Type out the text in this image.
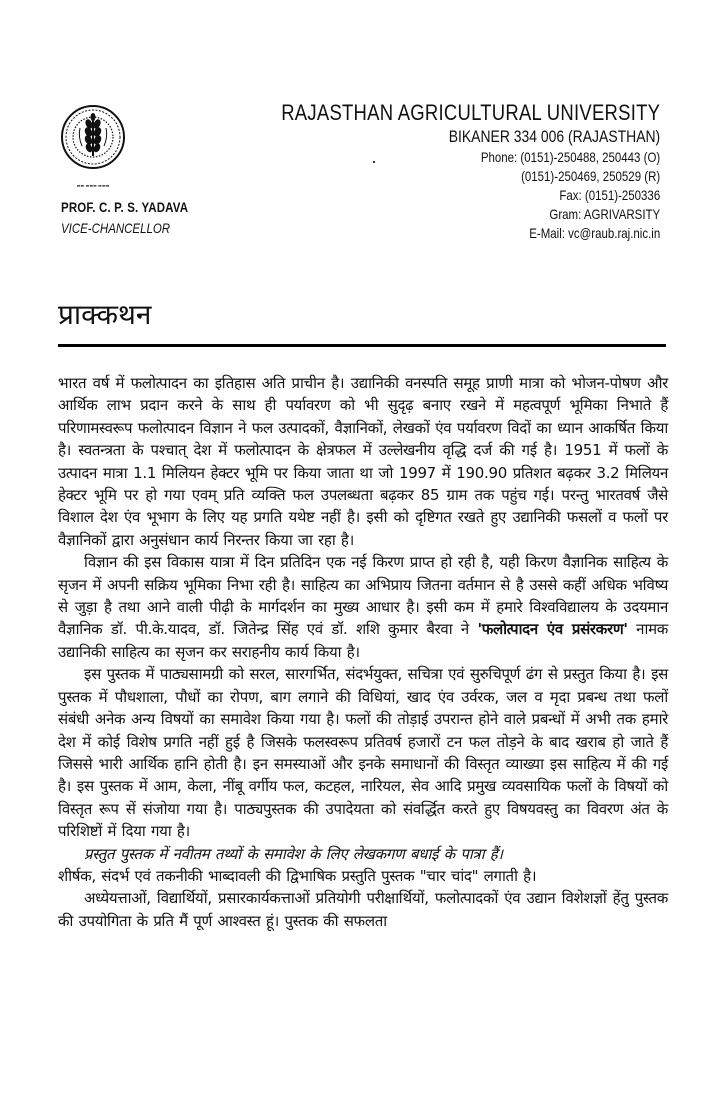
▬▬ ▬▬▬ ▬▬▬
PROF. C. P. S. YADAVA
VICE-CHANCELLOR
RAJASTHAN AGRICULTURAL UNIVERSITY
BIKANER 334 006 (RAJASTHAN)
Phone: (0151)-250488, 250443 (O)
(0151)-250469, 250529 (R)
Fax: (0151)-250336
Gram: AGRIVARSITY
E-Mail: vc@raub.raj.nic.in
प्राक्कथन

भारत वर्ष में फलोत्पादन का इतिहास अति प्राचीन है। उद्यानिकी वनस्पति समूह प्राणी मात्रा को भोजन-पोषण और आर्थिक लाभ प्रदान करने के साथ ही पर्यावरण को भी सुदृढ़ बनाए रखने में महत्वपूर्ण भूमिका निभाते हैं परिणामस्वरूप फलोत्पादन विज्ञान ने फल उत्पादकों, वैज्ञानिकों, लेखकों एंव पर्यावरण विदों का ध्यान आकर्षित किया है। स्वतन्त्रता के पश्चात् देश में फलोत्पादन के क्षेत्रफल में उल्लेखनीय वृद्धि दर्ज की गई है। 1951 में फलों के उत्पादन मात्रा 1.1 मिलियन हेक्टर भूमि पर किया जाता था जो 1997 में 190.90 प्रतिशत बढ़कर 3.2 मिलियन हेक्टर भूमि पर हो गया एवम् प्रति व्यक्ति फल उपलब्धता बढ़कर 85 ग्राम तक पहुंच गई। परन्तु भारतवर्ष जैसे विशाल देश एंव भूभाग के लिए यह प्रगति यथेष्ट नहीं है। इसी को दृष्टिगत रखते हुए उद्यानिकी फसलों व फलों पर वैज्ञानिकों द्वारा अनुसंधान कार्य निरन्तर किया जा रहा है।

विज्ञान की इस विकास यात्रा में दिन प्रतिदिन एक नई किरण प्राप्त हो रही है, यही किरण वैज्ञानिक साहित्य के सृजन में अपनी सक्रिय भूमिका निभा रही है। साहित्य का अभिप्राय जितना वर्तमान से है उससे कहीं अधिक भविष्य से जुड़ा है तथा आने वाली पीढ़ी के मार्गदर्शन का मुख्य आधार है। इसी कम में हमारे विश्वविद्यालय के उदयमान वैज्ञानिक डॉ. पी.के.यादव, डॉ. जितेन्द्र सिंह एवं डॉ. शशि कुमार बैरवा ने 'फलोत्पादन एंव प्रसंरकरण' नामक उद्यानिकी साहित्य का सृजन कर सराहनीय कार्य किया है।

इस पुस्तक में पाठ्यसामग्री को सरल, सारगर्भित, संदर्भयुक्त, सचित्रा एवं सुरुचिपूर्ण ढंग से प्रस्तुत किया है। इस पुस्तक में पौधशाला, पौधों का रोपण, बाग लगाने की विधियां, खाद एंव उर्वरक, जल व मृदा प्रबन्ध तथा फलों संबंधी अनेक अन्य विषयों का समावेश किया गया है। फलों की तोड़ाई उपरान्त होने वाले प्रबन्धों में अभी तक हमारे देश में कोई विशेष प्रगति नहीं हुई है जिसके फलस्वरूप प्रतिवर्ष हजारों टन फल तोड़ने के बाद खराब हो जाते हैं जिससे भारी आर्थिक हानि होती है। इन समस्याओं और इनके समाधानों की विस्तृत व्याख्या इस साहित्य में की गई है। इस पुस्तक में आम, केला, नींबू वर्गीय फल, कटहल, नारियल, सेव आदि प्रमुख व्यवसायिक फलों के विषयों को विस्तृत रूप सें संजोया गया है। पाठ्यपुस्तक की उपादेयता को संवर्द्धित करते हुए विषयवस्तु का विवरण अंत के परिशिष्टों में दिया गया है।

प्रस्तुत पुस्तक में नवीतम तथ्यों के समावेश के लिए लेखकगण बधाई के पात्रा हैं।

शीर्षक, संदर्भ एवं तकनीकी भाब्दावली की द्विभाषिक प्रस्तुति पुस्तक "चार चांद" लगाती है।

अध्येयत्ताओं, विद्यार्थियों, प्रसारकार्यकत्ताओं प्रतियोगी परीक्षार्थियों, फलोत्पादकों एंव उद्यान विशेशज्ञों हेंतु पुस्तक की उपयोगिता के प्रति मैं पूर्ण आश्वस्त हूं। पुस्तक की सफलता
